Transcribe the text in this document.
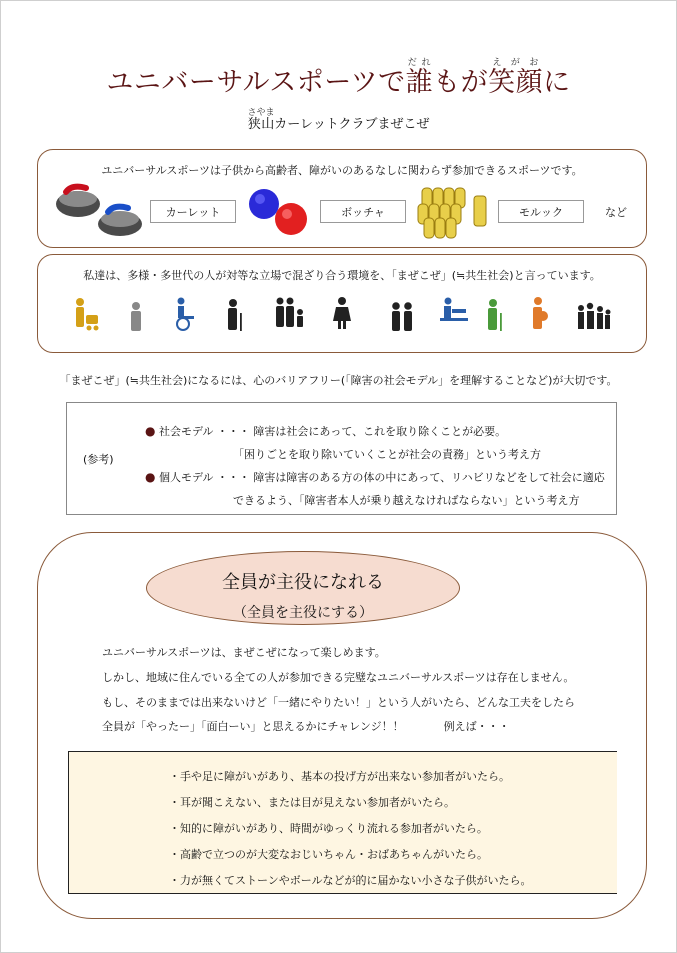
ユニバーサルスポーツで誰だれもが笑顔えがおに
狭山さやまカーレットクラブまぜこぜ
ユニバーサルスポーツは子供から高齢者、障がいのあるなしに関わらず参加できるスポーツです。
カーレット	ボッチャ	モルック	など
私達は、多様・多世代の人が対等な立場で混ざり合う環境を、「まぜこぜ」(≒共生社会)と言っています。
「まぜこぜ」(≒共生社会)になるには、心のバリアフリー(「障害の社会モデル」を理解することなど)が大切です。
(参考)
● 社会モデル ・・・ 障害は社会にあって、これを取り除くことが必要。
「困りごとを取り除いていくことが社会の責務」という考え方
● 個人モデル ・・・ 障害は障害のある方の体の中にあって、リハビリなどをして社会に適応
できるよう、「障害者本人が乗り越えなければならない」という考え方
全員が主役になれる
（全員を主役にする）
ユニバーサルスポーツは、まぜこぜになって楽しめます。
しかし、地域に住んでいる全ての人が参加できる完璧なユニバーサルスポーツは存在しません。
もし、そのままでは出来ないけど「一緒にやりたい！」という人がいたら、どんな工夫をしたら
全員が「やったー」「面白ーい」と思えるかにチャレンジ！！	例えば・・・
・手や足に障がいがあり、基本の投げ方が出来ない参加者がいたら。
・耳が聞こえない、または目が見えない参加者がいたら。
・知的に障がいがあり、時間がゆっくり流れる参加者がいたら。
・高齢で立つのが大変なおじいちゃん・おばあちゃんがいたら。
・力が無くてストーンやボールなどが的に届かない小さな子供がいたら。
